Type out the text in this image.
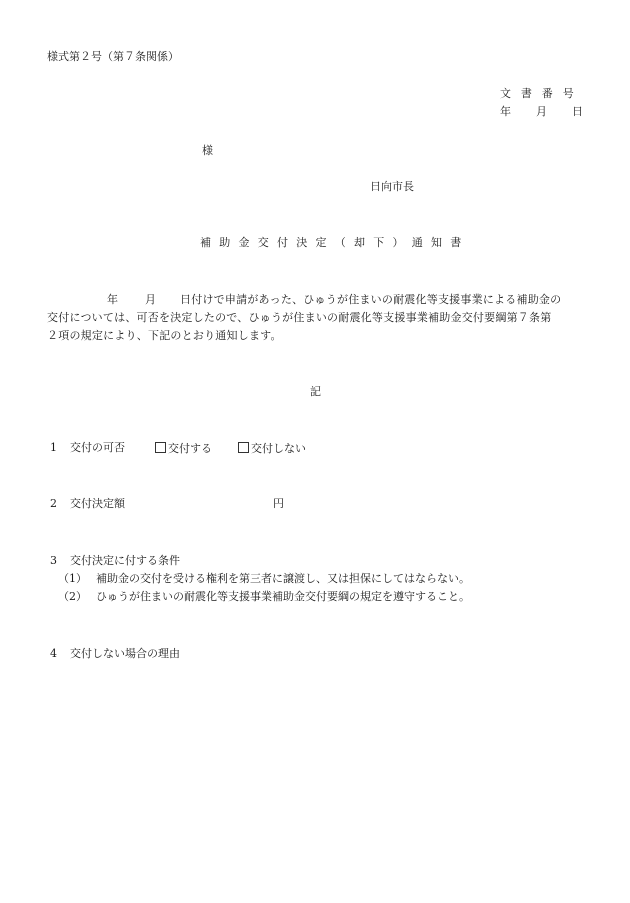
様式第２号（第７条関係）
文書番号
年 月 日
様
日向市長
補助金交付決定（却下）通知書
年 月 日付けで申請があった、ひゅうが住まいの耐震化等支援事業による補助金の
交付については、可否を決定したので、ひゅうが住まいの耐震化等支援事業補助金交付要綱第７条第
２項の規定により、下記のとおり通知します。
記
1 交付の可否	交付する	交付しない
2 交付決定額	円
3 交付決定に付する条件
（1） 補助金の交付を受ける権利を第三者に譲渡し、又は担保にしてはならない。
（2） ひゅうが住まいの耐震化等支援事業補助金交付要綱の規定を遵守すること。
4 交付しない場合の理由
